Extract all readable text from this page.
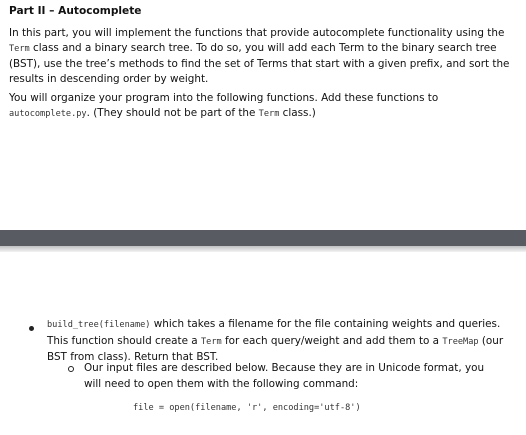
Part II – Autocomplete

In this part, you will implement the functions that provide autocomplete functionality using the Term class and a binary search tree. To do so, you will add each Term to the binary search tree (BST), use the tree’s methods to find the set of Terms that start with a given prefix, and sort the results in descending order by weight.

You will organize your program into the following functions. Add these functions to autocomplete.py. (They should not be part of the Term class.)

build_tree(filename) which takes a filename for the file containing weights and queries. This function should create a Term for each query/weight and add them to a TreeMap (our BST from class). Return that BST.

Our input files are described below. Because they are in Unicode format, you will need to open them with the following command:

file = open(filename, 'r', encoding='utf-8')
